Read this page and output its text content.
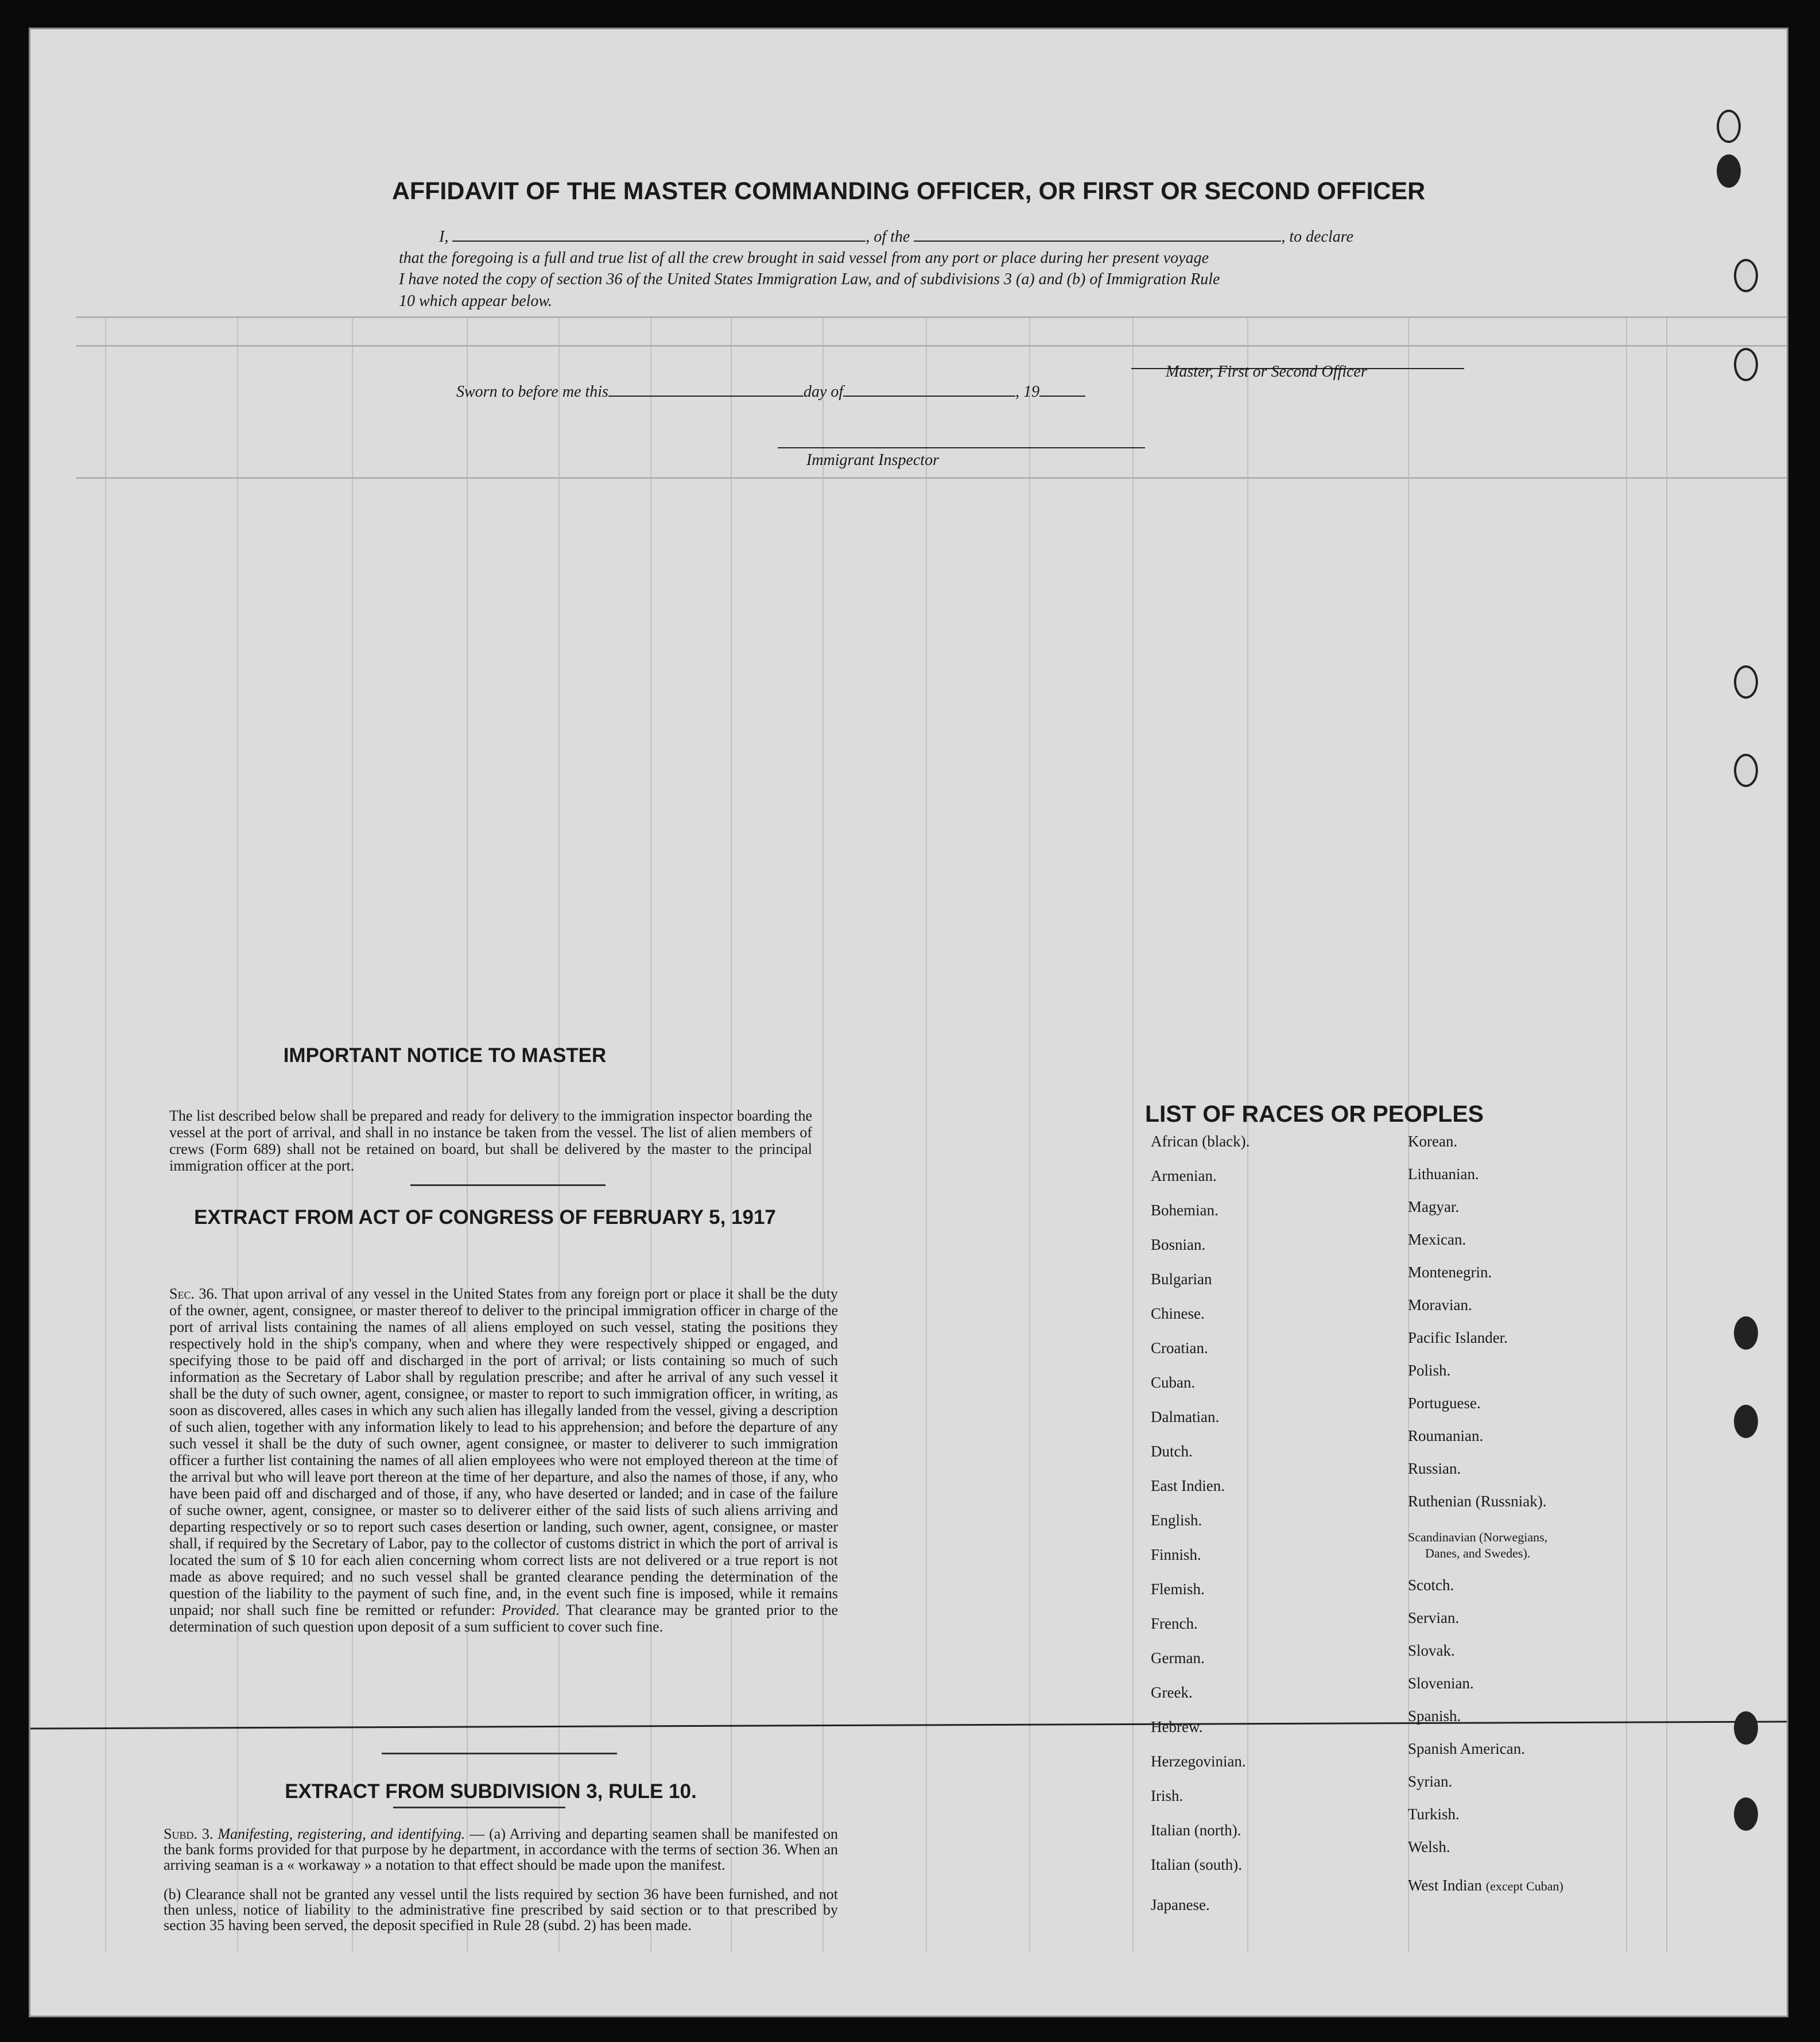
AFFIDAVIT OF THE MASTER COMMANDING OFFICER, OR FIRST OR SECOND OFFICER
I,	, of the	, to declare
that the foregoing is a full and true list of all the crew brought in said vessel from any port or place during her present voyage
I have noted the copy of section 36 of the United States Immigration Law, and of subdivisions 3 (a) and (b) of Immigration Rule
10 which appear below.
Master, First or Second Officer
Sworn to before me this	day of	, 19
Immigrant Inspector
IMPORTANT NOTICE TO MASTER
The list described below shall be prepared and ready for delivery to the immigration inspector boarding the vessel at the port of arrival, and shall in no instance be taken from the vessel. The list of alien members of crews (Form 689) shall not be retained on board, but shall be delivered by the master to the principal immigration officer at the port.
EXTRACT FROM ACT OF CONGRESS OF FEBRUARY 5, 1917
Sec. 36. That upon arrival of any vessel in the United States from any foreign port or place it shall be the duty of the owner, agent, consignee, or master thereof to deliver to the principal immigration officer in charge of the port of arrival lists containing the names of all aliens employed on such vessel, stating the positions they respectively hold in the ship's company, when and where they were respectively shipped or engaged, and specifying those to be paid off and discharged in the port of arrival; or lists containing so much of such information as the Secretary of Labor shall by regulation prescribe; and after he arrival of any such vessel it shall be the duty of such owner, agent, consignee, or master to report to such immigration officer, in writing, as soon as discovered, alles cases in which any such alien has illegally landed from the vessel, giving a description of such alien, together with any information likely to lead to his apprehension; and before the departure of any such vessel it shall be the duty of such owner, agent consignee, or master to deliverer to such immigration officer a further list containing the names of all alien employees who were not employed thereon at the time of the arrival but who will leave port thereon at the time of her departure, and also the names of those, if any, who have been paid off and discharged and of those, if any, who have deserted or landed; and in case of the failure of suche owner, agent, consignee, or master so to deliverer either of the said lists of such aliens arriving and departing respectively or so to report such cases desertion or landing, such owner, agent, consignee, or master shall, if required by the Secretary of Labor, pay to the collector of customs district in which the port of arrival is located the sum of $ 10 for each alien concerning whom correct lists are not delivered or a true report is not made as above required; and no such vessel shall be granted clearance pending the determination of the question of the liability to the payment of such fine, and, in the event such fine is imposed, while it remains unpaid; nor shall such fine be remitted or refunder: Provided. That clearance may be granted prior to the determination of such question upon deposit of a sum sufficient to cover such fine.
EXTRACT FROM SUBDIVISION 3, RULE 10.
Subd. 3. Manifesting, registering, and identifying. — (a) Arriving and departing seamen shall be manifested on the bank forms provided for that purpose by he department, in accordance with the terms of section 36. When an arriving seaman is a « workaway » a notation to that effect should be made upon the manifest.
(b) Clearance shall not be granted any vessel until the lists required by section 36 have been furnished, and not then unless, notice of liability to the administrative fine prescribed by said section or to that prescribed by section 35 having been served, the deposit specified in Rule 28 (subd. 2) has been made.
LIST OF RACES OR PEOPLES
African (black).
Armenian.
Bohemian.
Bosnian.
Bulgarian
Chinese.
Croatian.
Cuban.
Dalmatian.
Dutch.
East Indien.
English.
Finnish.
Flemish.
French.
German.
Greek.
Hebrew.
Herzegovinian.
Irish.
Italian (north).
Italian (south).
Japanese.
Korean.
Lithuanian.
Magyar.
Mexican.
Montenegrin.
Moravian.
Pacific Islander.
Polish.
Portuguese.
Roumanian.
Russian.
Ruthenian (Russniak).
Scandinavian (Norwegians,
Danes, and Swedes).
Scotch.
Servian.
Slovak.
Slovenian.
Spanish.
Spanish American.
Syrian.
Turkish.
Welsh.
West Indian (except Cuban)
